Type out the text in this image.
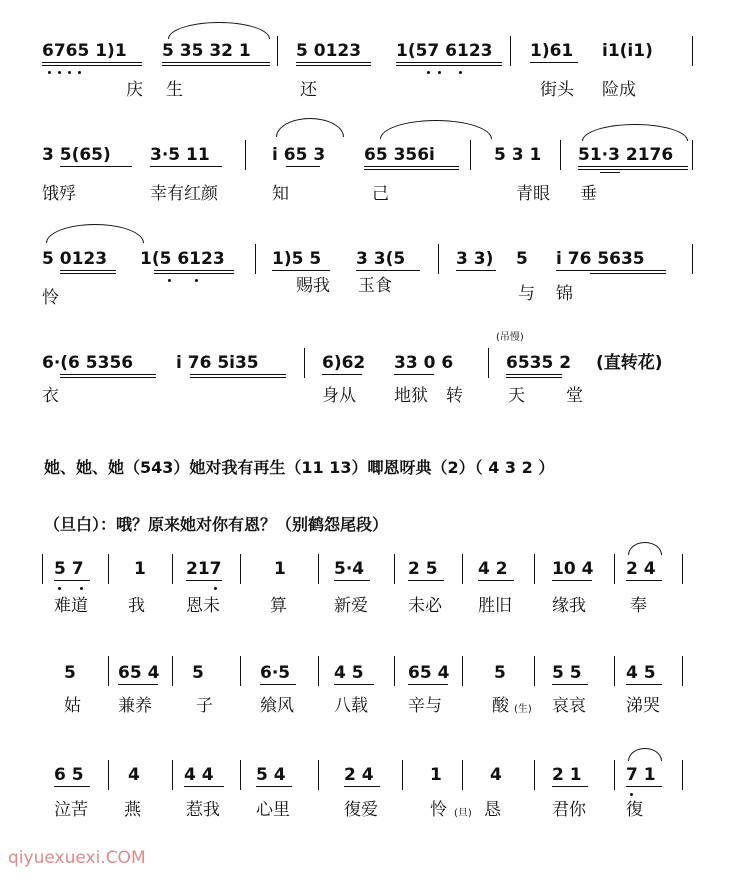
6765 1)1 5 35 32 1	5 0123 1(57 6123 1)61 i1(i1)
庆 生	还	街头 险成
3 5(65) 3·5 11	i 65 3 65 356i	5 3 1 51·3 2176
饿殍	幸有红颜	知	己	青眼 垂
5 0123 1(5 6123	1)5 5 3 3(5	3 3) 5 i 76 5635
怜
赐我 玉食	与 锦
(吊慢)
6·(6 5356	i 76 5i35	6)62 33 0 6	6535 2 (直转花)
衣	身从 地狱 转	天 堂
她、她、她（543）她对我有再生（11 13）唧恩呀典（2）（ 4 3 2 ）
（旦白）：哦？原来她对你有恩？（别鹤怨尾段）
5 7	1 217	1	5·4	2 5 4 2	10 4 2 4
难道 我 恩未	算	新爱 未必 胜旧 缘我	奉
5 65 4 5	6·5	4 5	65 4	5	5 5	4 5
姑 兼养	子	飨风 八载 辛与	酸 (生) 哀哀 涕哭
6 5	4	4 4 5 4	2 4	1	4	2 1	7 1
泣苦 燕	惹我 心里	復爱	怜 (旦) 恳	君你 復
qiyuexuexi.COM
